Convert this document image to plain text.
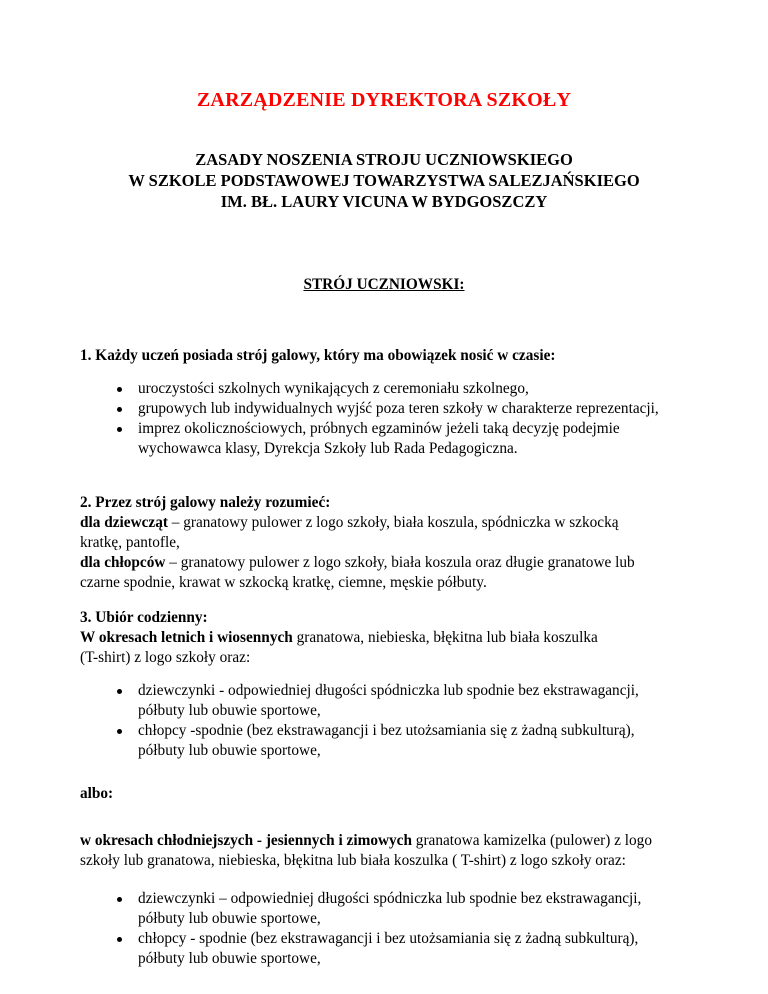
ZARZĄDZENIE DYREKTORA SZKOŁY
ZASADY NOSZENIA STROJU UCZNIOWSKIEGO
W SZKOLE PODSTAWOWEJ TOWARZYSTWA SALEZJAŃSKIEGO
IM. BŁ. LAURY VICUNA W BYDGOSZCZY
STRÓJ UCZNIOWSKI:
1. Każdy uczeń posiada strój galowy, który ma obowiązek nosić w czasie:
uroczystości szkolnych wynikających z ceremoniału szkolnego,
grupowych lub indywidualnych wyjść poza teren szkoły w charakterze reprezentacji,
imprez okolicznościowych, próbnych egzaminów jeżeli taką decyzję podejmie
wychowawca klasy, Dyrekcja Szkoły lub Rada Pedagogiczna.
2. Przez strój galowy należy rozumieć:
dla dziewcząt – granatowy pulower z logo szkoły, biała koszula, spódniczka w szkocką
kratkę, pantofle,
dla chłopców – granatowy pulower z logo szkoły, biała koszula oraz długie granatowe lub
czarne spodnie, krawat w szkocką kratkę, ciemne, męskie półbuty.
3. Ubiór codzienny:
W okresach letnich i wiosennych granatowa, niebieska, błękitna lub biała koszulka
(T-shirt) z logo szkoły oraz:
dziewczynki - odpowiedniej długości spódniczka lub spodnie bez ekstrawagancji,
półbuty lub obuwie sportowe,
chłopcy -spodnie (bez ekstrawagancji i bez utożsamiania się z żadną subkulturą),
półbuty lub obuwie sportowe,
albo:
w okresach chłodniejszych - jesiennych i zimowych granatowa kamizelka (pulower) z logo
szkoły lub granatowa, niebieska, błękitna lub biała koszulka ( T-shirt) z logo szkoły oraz:
dziewczynki – odpowiedniej długości spódniczka lub spodnie bez ekstrawagancji,
półbuty lub obuwie sportowe,
chłopcy - spodnie (bez ekstrawagancji i bez utożsamiania się z żadną subkulturą),
półbuty lub obuwie sportowe,
